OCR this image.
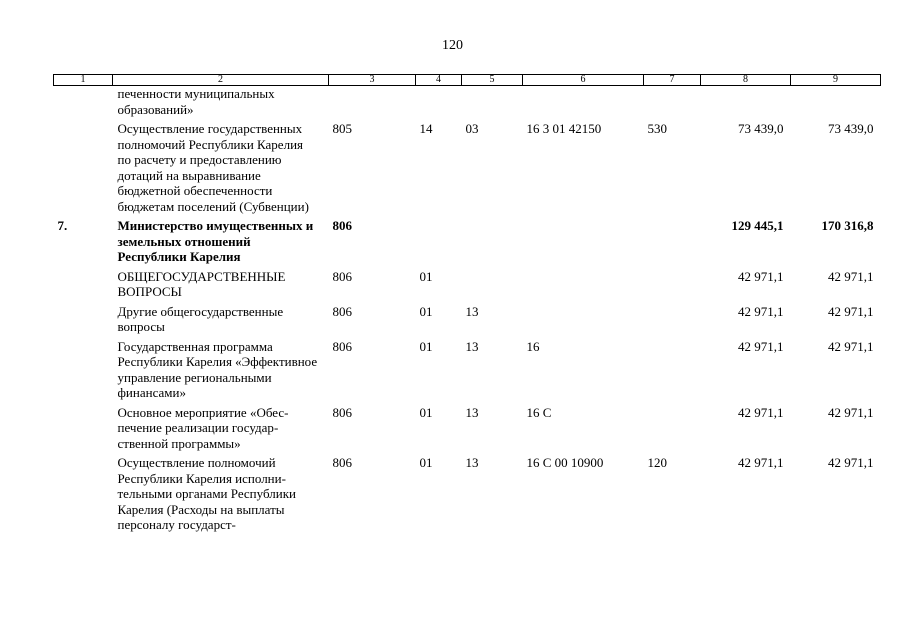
120
1	2	3	4	5	6	7	8	9
	печенности муниципальных образований»							
	Осуществление государственных полномочий Республики Карелия по расчету и предоставлению дотаций на выравнивание бюджетной обеспеченности бюджетам поселений (Субвенции)	805	14	03	16 3 01 42150	530	73 439,0	73 439,0
7.	Министерство имущественных и земельных отношений Республики Карелия	806					129 445,1	170 316,8
	ОБЩЕГОСУДАРСТВЕННЫЕ ВОПРОСЫ	806	01				42 971,1	42 971,1
	Другие общегосударственные вопросы	806	01	13			42 971,1	42 971,1
	Государственная программа Республики Карелия «Эффективное управление региональными финансами»	806	01	13	16		42 971,1	42 971,1
	Основное мероприятие «Обеспечение реализации государственной программы»	806	01	13	16 С		42 971,1	42 971,1
	Осуществление полномочий Республики Карелия исполнительными органами Республики Карелия (Расходы на выплаты персоналу государст-	806	01	13	16 С 00 10900	120	42 971,1	42 971,1
